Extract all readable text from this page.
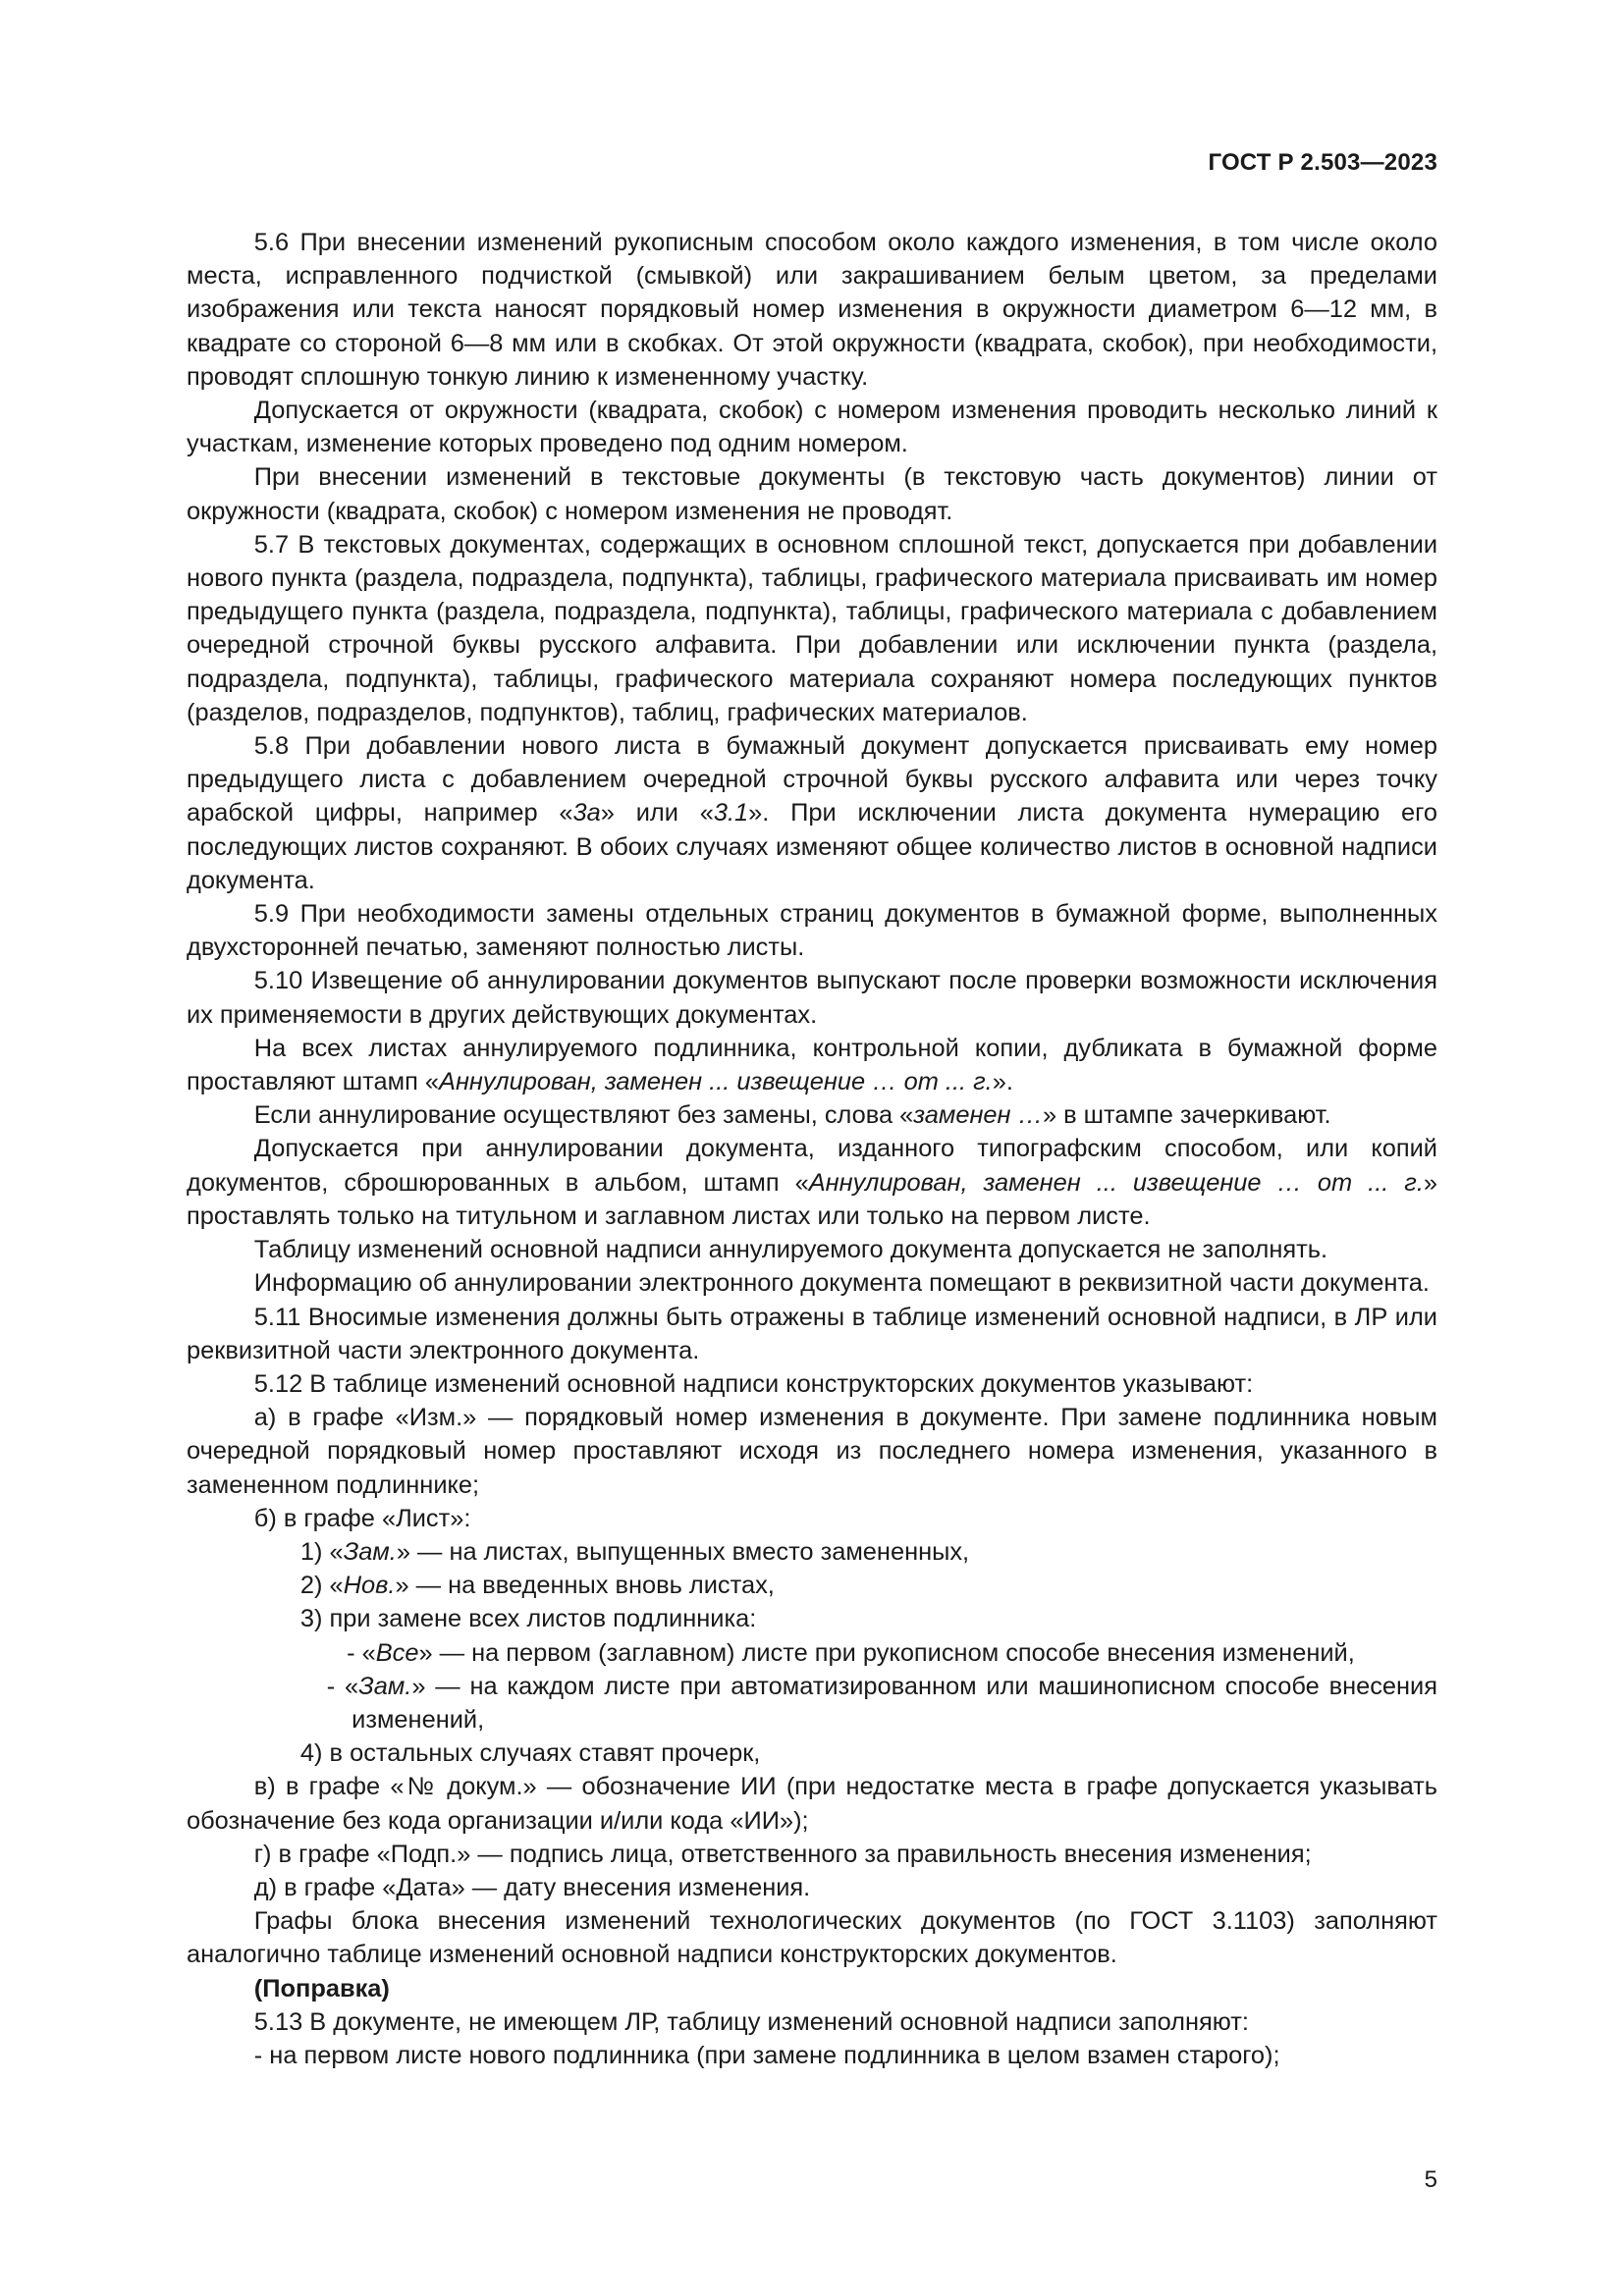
ГОСТ Р 2.503—2023

5.6 При внесении изменений рукописным способом около каждого изменения, в том числе около места, исправленного подчисткой (смывкой) или закрашиванием белым цветом, за пределами изображения или текста наносят порядковый номер изменения в окружности диаметром 6—12 мм, в квадрате со стороной 6—8 мм или в скобках. От этой окружности (квадрата, скобок), при необходимости, проводят сплошную тонкую линию к измененному участку.

Допускается от окружности (квадрата, скобок) с номером изменения проводить несколько линий к участкам, изменение которых проведено под одним номером.

При внесении изменений в текстовые документы (в текстовую часть документов) линии от окружности (квадрата, скобок) с номером изменения не проводят.

5.7 В текстовых документах, содержащих в основном сплошной текст, допускается при добавлении нового пункта (раздела, подраздела, подпункта), таблицы, графического материала присваивать им номер предыдущего пункта (раздела, подраздела, подпункта), таблицы, графического материала с добавлением очередной строчной буквы русского алфавита. При добавлении или исключении пункта (раздела, подраздела, подпункта), таблицы, графического материала сохраняют номера последующих пунктов (разделов, подразделов, подпунктов), таблиц, графических материалов.

5.8 При добавлении нового листа в бумажный документ допускается присваивать ему номер предыдущего листа с добавлением очередной строчной буквы русского алфавита или через точку арабской цифры, например «3а» или «3.1». При исключении листа документа нумерацию его последующих листов сохраняют. В обоих случаях изменяют общее количество листов в основной надписи документа.

5.9 При необходимости замены отдельных страниц документов в бумажной форме, выполненных двухсторонней печатью, заменяют полностью листы.

5.10 Извещение об аннулировании документов выпускают после проверки возможности исключения их применяемости в других действующих документах.

На всех листах аннулируемого подлинника, контрольной копии, дубликата в бумажной форме проставляют штамп «Аннулирован, заменен ... извещение … от ... г.».

Если аннулирование осуществляют без замены, слова «заменен …» в штампе зачеркивают.

Допускается при аннулировании документа, изданного типографским способом, или копий документов, сброшюрованных в альбом, штамп «Аннулирован, заменен ... извещение … от ... г.» проставлять только на титульном и заглавном листах или только на первом листе.

Таблицу изменений основной надписи аннулируемого документа допускается не заполнять.

Информацию об аннулировании электронного документа помещают в реквизитной части документа.

5.11 Вносимые изменения должны быть отражены в таблице изменений основной надписи, в ЛР или реквизитной части электронного документа.

5.12 В таблице изменений основной надписи конструкторских документов указывают:

а) в графе «Изм.» — порядковый номер изменения в документе. При замене подлинника новым очередной порядковый номер проставляют исходя из последнего номера изменения, указанного в замененном подлиннике;

б) в графе «Лист»:

1) «Зам.» — на листах, выпущенных вместо замененных,

2) «Нов.» — на введенных вновь листах,

3) при замене всех листов подлинника:

- «Все» — на первом (заглавном) листе при рукописном способе внесения изменений,

- «Зам.» — на каждом листе при автоматизированном или машинописном способе внесения изменений,

4) в остальных случаях ставят прочерк,

в) в графе «№ докум.» — обозначение ИИ (при недостатке места в графе допускается указывать обозначение без кода организации и/или кода «ИИ»);

г) в графе «Подп.» — подпись лица, ответственного за правильность внесения изменения;

д) в графе «Дата» — дату внесения изменения.

Графы блока внесения изменений технологических документов (по ГОСТ 3.1103) заполняют аналогично таблице изменений основной надписи конструкторских документов.

(Поправка)

5.13 В документе, не имеющем ЛР, таблицу изменений основной надписи заполняют:

- на первом листе нового подлинника (при замене подлинника в целом взамен старого);

5
